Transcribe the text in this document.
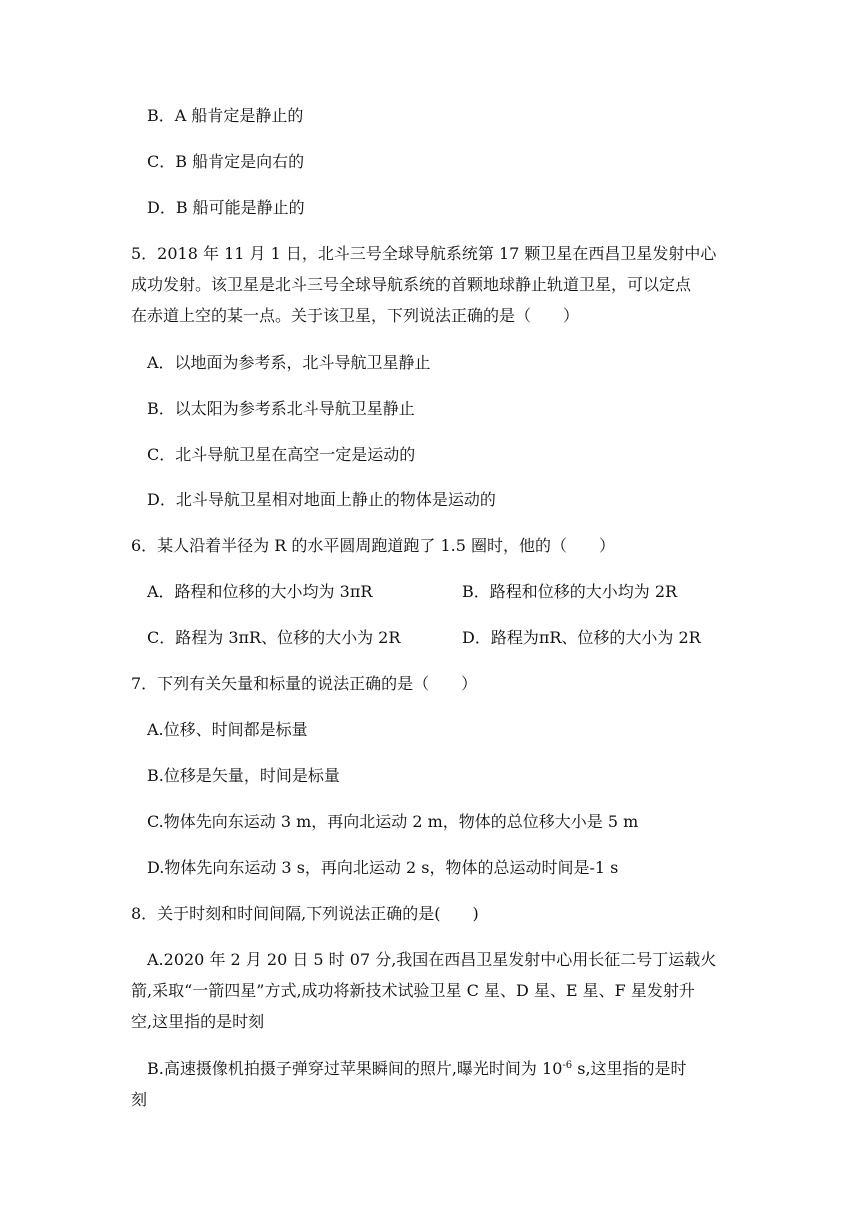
B．A 船肯定是静止的
C．B 船肯定是向右的
D．B 船可能是静止的
5．2018 年 11 月 1 日，北斗三号全球导航系统第 17 颗卫星在西昌卫星发射中心
成功发射。该卫星是北斗三号全球导航系统的首颗地球静止轨道卫星，可以定点
在赤道上空的某一点。关于该卫星，下列说法正确的是（　　）
A．以地面为参考系，北斗导航卫星静止
B．以太阳为参考系北斗导航卫星静止
C．北斗导航卫星在高空一定是运动的
D．北斗导航卫星相对地面上静止的物体是运动的
6．某人沿着半径为 R 的水平圆周跑道跑了 1.5 圈时，他的（　　）
A．路程和位移的大小均为 3πR	B．路程和位移的大小均为 2R
C．路程为 3πR、位移的大小为 2R	D．路程为πR、位移的大小为 2R
7．下列有关矢量和标量的说法正确的是（　　）
A.位移、时间都是标量
B.位移是矢量，时间是标量
C.物体先向东运动 3 m，再向北运动 2 m，物体的总位移大小是 5 m
D.物体先向东运动 3 s，再向北运动 2 s，物体的总运动时间是-1 s
8．关于时刻和时间间隔,下列说法正确的是(　　)
A.2020 年 2 月 20 日 5 时 07 分,我国在西昌卫星发射中心用长征二号丁运载火
箭,采取“一箭四星”方式,成功将新技术试验卫星 C 星、D 星、E 星、F 星发射升
空,这里指的是时刻
B.高速摄像机拍摄子弹穿过苹果瞬间的照片,曝光时间为 $10^{-6}$ s,这里指的是时
刻
